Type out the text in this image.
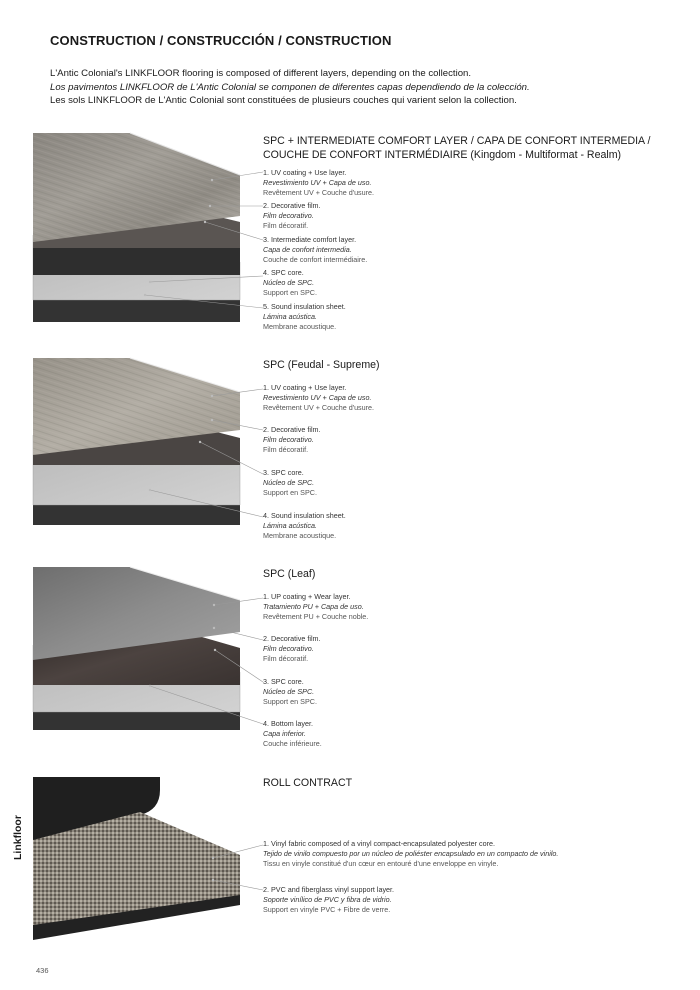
CONSTRUCTION / CONSTRUCCIÓN / CONSTRUCTION
L'Antic Colonial's LINKFLOOR flooring is composed of different layers, depending on the collection.
Los pavimentos LINKFLOOR de L'Antic Colonial se componen de diferentes capas dependiendo de la colección.
Les sols LINKFLOOR de L'Antic Colonial sont constituées de plusieurs couches qui varient selon la collection.
SPC + INTERMEDIATE COMFORT LAYER / CAPA DE CONFORT INTERMEDIA /
COUCHE DE CONFORT INTERMÉDIAIRE (Kingdom - Multiformat - Realm)
1. UV coating + Use layer.
Revestimiento UV + Capa de uso.
Revêtement UV + Couche d'usure.
2. Decorative film.
Film decorativo.
Film décoratif.
3. Intermediate comfort layer.
Capa de confort intermedia.
Couche de confort intermédiaire.
4. SPC core.
Núcleo de SPC.
Support en SPC.
5. Sound insulation sheet.
Lámina acústica.
Membrane acoustique.
SPC (Feudal - Supreme)
1. UV coating + Use layer.
Revestimiento UV + Capa de uso.
Revêtement UV + Couche d'usure.
2. Decorative film.
Film decorativo.
Film décoratif.
3. SPC core.
Núcleo de SPC.
Support en SPC.
4. Sound insulation sheet.
Lámina acústica.
Membrane acoustique.
SPC (Leaf)
1. UP coating + Wear layer.
Tratamiento PU + Capa de uso.
Revêtement PU + Couche noble.
2. Decorative film.
Film decorativo.
Film décoratif.
3. SPC core.
Núcleo de SPC.
Support en SPC.
4. Bottom layer.
Capa inferior.
Couche inférieure.
ROLL CONTRACT
1. Vinyl fabric composed of a vinyl compact-encapsulated polyester core.
Tejido de vinilo compuesto por un núcleo de poliéster encapsulado en un compacto de vinilo.
Tissu en vinyle constitué d'un cœur en entouré d'une enveloppe en vinyle.
2. PVC and fiberglass vinyl support layer.
Soporte vinílico de PVC y fibra de vidrio.
Support en vinyle PVC + Fibre de verre.
Linkfloor
436
